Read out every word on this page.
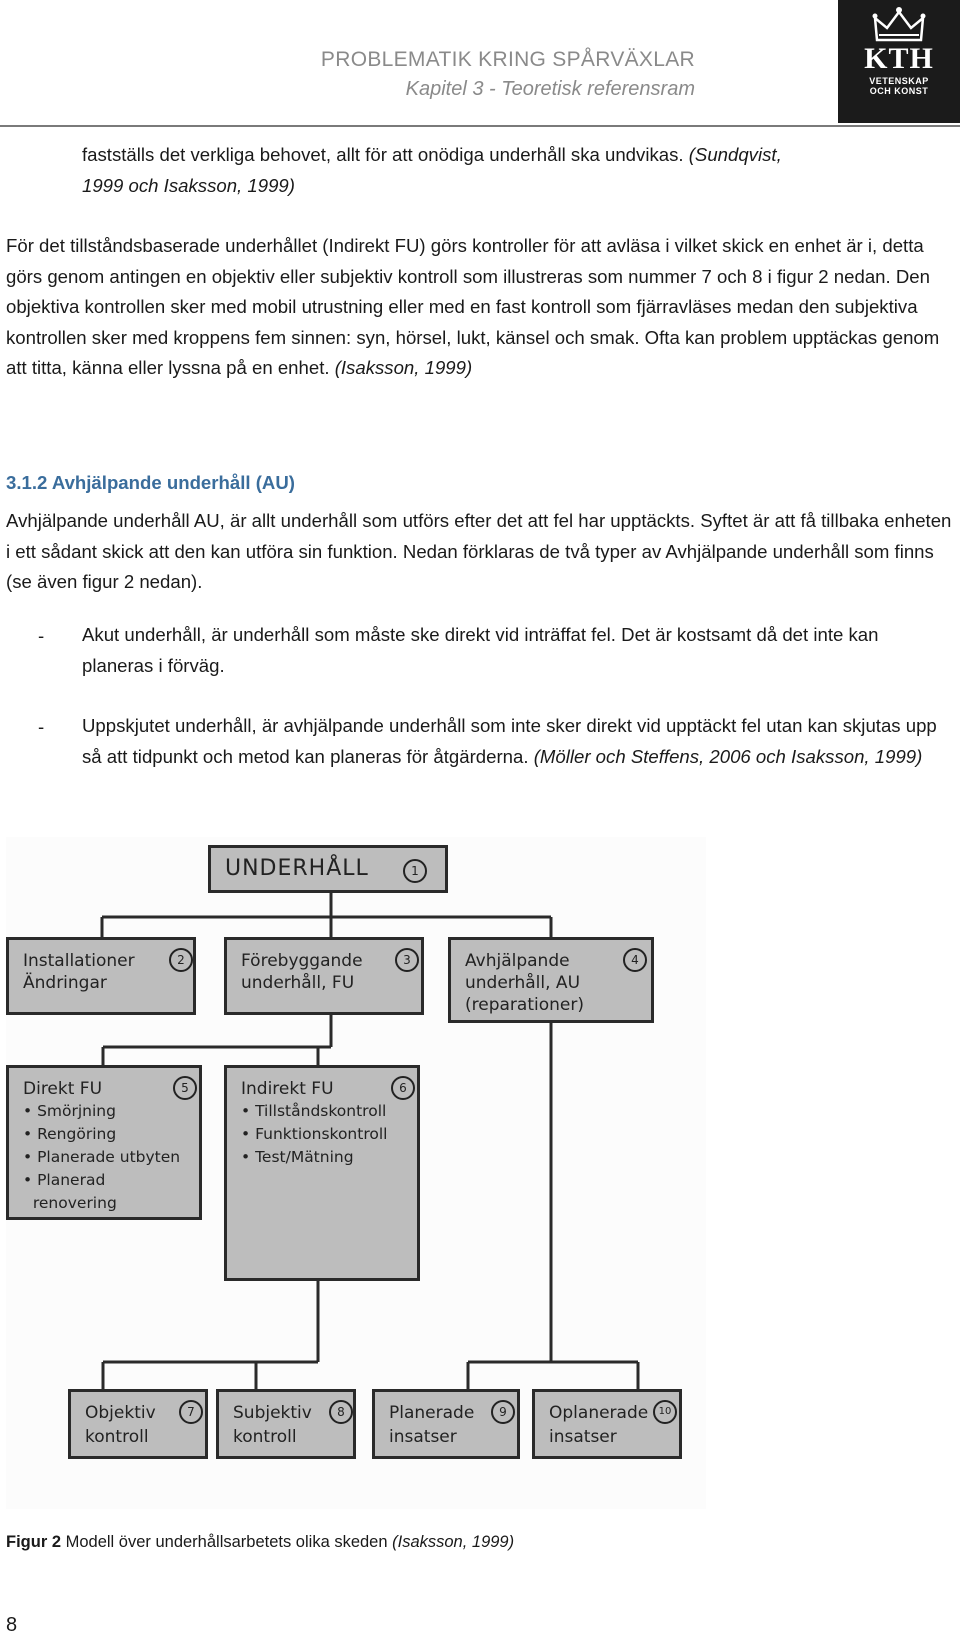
PROBLEMATIK KRING SPÅRVÄXLAR
Kapitel 3 - Teoretisk referensram
KTH
VETENSKAP
OCH KONST

fastställs det verkliga behovet, allt för att onödiga underhåll ska undvikas. (Sundqvist,
1999 och Isaksson, 1999)

För det tillståndsbaserade underhållet (Indirekt FU) görs kontroller för att avläsa i vilket skick en enhet är i, detta görs genom antingen en objektiv eller subjektiv kontroll som illustreras som nummer 7 och 8 i figur 2 nedan. Den objektiva kontrollen sker med mobil utrustning eller med en fast kontroll som fjärravläses medan den subjektiva kontrollen sker med kroppens fem sinnen: syn, hörsel, lukt, känsel och smak. Ofta kan problem upptäckas genom att titta, känna eller lyssna på en enhet. (Isaksson, 1999)

3.1.2 Avhjälpande underhåll (AU)

Avhjälpande underhåll AU, är allt underhåll som utförs efter det att fel har upptäckts. Syftet är att få tillbaka enheten i ett sådant skick att den kan utföra sin funktion. Nedan förklaras de två typer av Avhjälpande underhåll som finns (se även figur 2 nedan).

- Akut underhåll, är underhåll som måste ske direkt vid inträffat fel. Det är kostsamt då det inte kan planeras i förväg.

- Uppskjutet underhåll, är avhjälpande underhåll som inte sker direkt vid upptäckt fel utan kan skjutas upp så att tidpunkt och metod kan planeras för åtgärderna. (Möller och Steffens, 2006 och Isaksson, 1999)

UNDERHÅLL	1
Installationer
Ändringar
2	Förebyggande
underhåll, FU
3	Avhjälpande
underhåll, AU
(reparationer)
4
Direkt FU	5
• Smörjning
• Rengöring
• Planerade utbyten
• Planerad
renovering
Indirekt FU	6
• Tillståndskontroll
• Funktionskontroll
• Test/Mätning
Objektiv
kontroll
7	Subjektiv
kontroll
8	Planerade
insatser
9	Oplanerade
insatser
10
Figur 2 Modell över underhållsarbetets olika skeden (Isaksson, 1999)
8
